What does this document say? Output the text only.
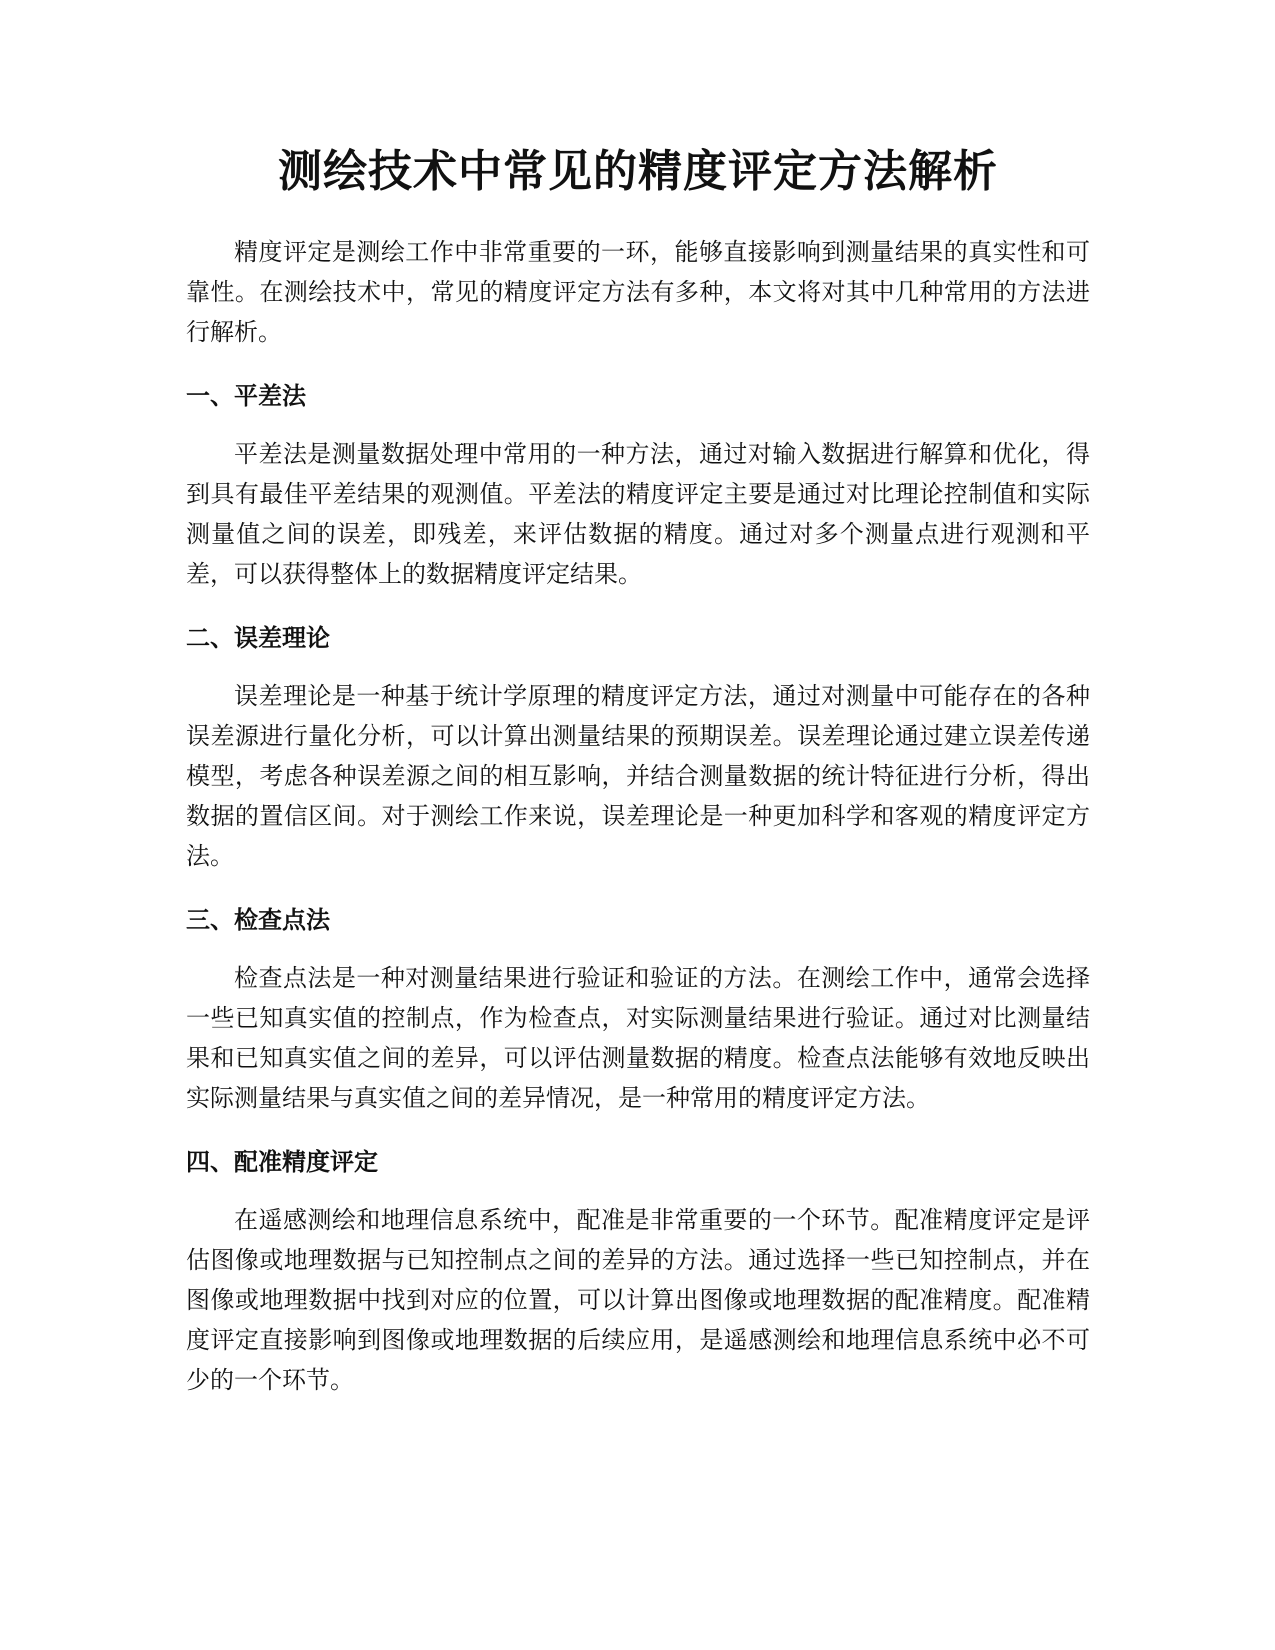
测绘技术中常见的精度评定方法解析

精度评定是测绘工作中非常重要的一环，能够直接影响到测量结果的真实性和可靠性。在测绘技术中，常见的精度评定方法有多种，本文将对其中几种常用的方法进行解析。

一、平差法

平差法是测量数据处理中常用的一种方法，通过对输入数据进行解算和优化，得到具有最佳平差结果的观测值。平差法的精度评定主要是通过对比理论控制值和实际测量值之间的误差，即残差，来评估数据的精度。通过对多个测量点进行观测和平差，可以获得整体上的数据精度评定结果。

二、误差理论

误差理论是一种基于统计学原理的精度评定方法，通过对测量中可能存在的各种误差源进行量化分析，可以计算出测量结果的预期误差。误差理论通过建立误差传递模型，考虑各种误差源之间的相互影响，并结合测量数据的统计特征进行分析，得出数据的置信区间。对于测绘工作来说，误差理论是一种更加科学和客观的精度评定方法。

三、检查点法

检查点法是一种对测量结果进行验证和验证的方法。在测绘工作中，通常会选择一些已知真实值的控制点，作为检查点，对实际测量结果进行验证。通过对比测量结果和已知真实值之间的差异，可以评估测量数据的精度。检查点法能够有效地反映出实际测量结果与真实值之间的差异情况，是一种常用的精度评定方法。

四、配准精度评定

在遥感测绘和地理信息系统中，配准是非常重要的一个环节。配准精度评定是评估图像或地理数据与已知控制点之间的差异的方法。通过选择一些已知控制点，并在图像或地理数据中找到对应的位置，可以计算出图像或地理数据的配准精度。配准精度评定直接影响到图像或地理数据的后续应用，是遥感测绘和地理信息系统中必不可少的一个环节。
